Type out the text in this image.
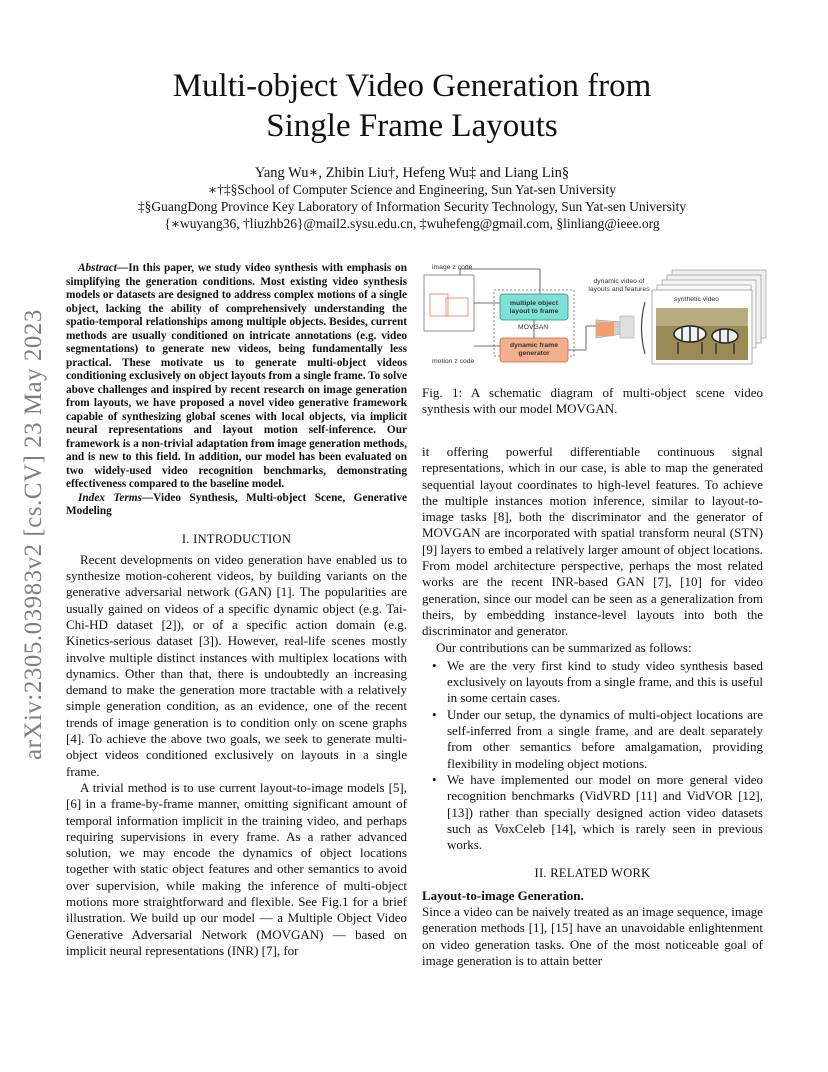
arXiv:2305.03983v2 [cs.CV] 23 May 2023
Multi-object Video Generation from
Single Frame Layouts
Yang Wu∗, Zhibin Liu†, Hefeng Wu‡ and Liang Lin§
∗†‡§School of Computer Science and Engineering, Sun Yat-sen University
‡§GuangDong Province Key Laboratory of Information Security Technology, Sun Yat-sen University
{∗wuyang36, †liuzhb26}@mail2.sysu.edu.cn, ‡wuhefeng@gmail.com, §linliang@ieee.org

Abstract—In this paper, we study video synthesis with emphasis on simplifying the generation conditions. Most existing video synthesis models or datasets are designed to address complex motions of a single object, lacking the ability of comprehensively understanding the spatio-temporal relationships among multiple objects. Besides, current methods are usually conditioned on intricate annotations (e.g. video segmentations) to generate new videos, being fundamentally less practical. These motivate us to generate multi-object videos conditioning exclusively on object layouts from a single frame. To solve above challenges and inspired by recent research on image generation from layouts, we have proposed a novel video generative framework capable of synthesizing global scenes with local objects, via implicit neural representations and layout motion self-inference. Our framework is a non-trivial adaptation from image generation methods, and is new to this field. In addition, our model has been evaluated on two widely-used video recognition benchmarks, demonstrating effectiveness compared to the baseline model.

Index Terms—Video Synthesis, Multi-object Scene, Generative Modeling

I. INTRODUCTION

Recent developments on video generation have enabled us to synthesize motion-coherent videos, by building variants on the generative adversarial network (GAN) [1]. The popularities are usually gained on videos of a specific dynamic object (e.g. Tai-Chi-HD dataset [2]), or of a specific action domain (e.g. Kinetics-serious dataset [3]). However, real-life scenes mostly involve multiple distinct instances with multiplex locations with dynamics. Other than that, there is undoubtedly an increasing demand to make the generation more tractable with a relatively simple generation condition, as an evidence, one of the recent trends of image generation is to condition only on scene graphs [4]. To achieve the above two goals, we seek to generate multi-object videos conditioned exclusively on layouts in a single frame.

A trivial method is to use current layout-to-image models [5], [6] in a frame-by-frame manner, omitting significant amount of temporal information implicit in the training video, and perhaps requiring supervisions in every frame. As a rather advanced solution, we may encode the dynamics of object locations together with static object features and other semantics to avoid over supervision, while making the inference of multi-object motions more straightforward and flexible. See Fig.1 for a brief illustration. We build up our model — a Multiple Object Video Generative Adversarial Network (MOVGAN) — based on implicit neural representations (INR) [7], for

image z code
motion z code
multiple object layout to frame
MOVGAN
dynamic frame generator
dynamic video of layouts and features
synthetic video
Fig. 1: A schematic diagram of multi-object scene video synthesis with our model MOVGAN.

it offering powerful differentiable continuous signal representations, which in our case, is able to map the generated sequential layout coordinates to high-level features. To achieve the multiple instances motion inference, similar to layout-to-image tasks [8], both the discriminator and the generator of MOVGAN are incorporated with spatial transform neural (STN) [9] layers to embed a relatively larger amount of object locations. From model architecture perspective, perhaps the most related works are the recent INR-based GAN [7], [10] for video generation, since our model can be seen as a generalization from theirs, by embedding instance-level layouts into both the discriminator and generator.

Our contributions can be summarized as follows:

• We are the very first kind to study video synthesis based exclusively on layouts from a single frame, and this is useful in some certain cases.
• Under our setup, the dynamics of multi-object locations are self-inferred from a single frame, and are dealt separately from other semantics before amalgamation, providing flexibility in modeling object motions.
• We have implemented our model on more general video recognition benchmarks (VidVRD [11] and VidVOR [12], [13]) rather than specially designed action video datasets such as VoxCeleb [14], which is rarely seen in previous works.
II. RELATED WORK
Layout-to-image Generation.

Since a video can be naively treated as an image sequence, image generation methods [1], [15] have an unavoidable enlightenment on video generation tasks. One of the most noticeable goal of image generation is to attain better
